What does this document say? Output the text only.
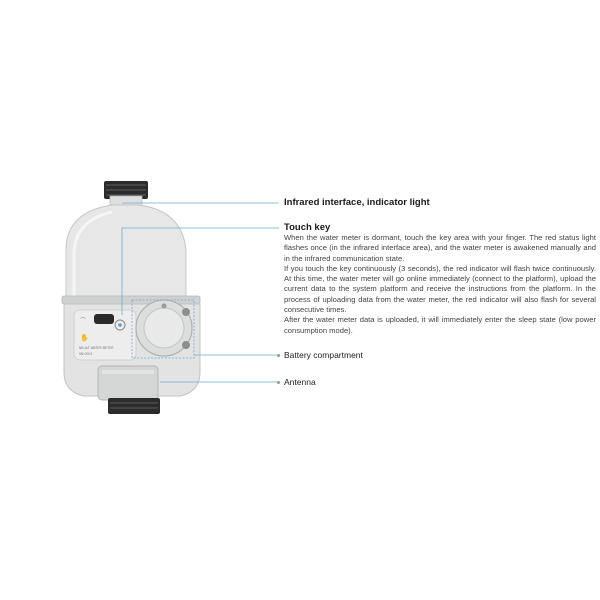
⌒
✋
NB-IoT WATER METER
SN:0001
Infrared interface, indicator light
Touch key

When the water meter is dormant, touch the key area with your finger. The red status light flashes once (in the infrared interface area), and the water meter is awakened manually and in the infrared communication state.

If you touch the key continuously (3 seconds), the red indicator will flash twice continuously. At this time, the water meter will go online immediately (connect to the platform), upload the current data to the system platform and receive the instructions from the platform. In the process of uploading data from the water meter, the red indicator will also flash for several consecutive times.

After the water meter data is uploaded, it will immediately enter the sleep state (low power consumption mode).

Battery compartment
Antenna
